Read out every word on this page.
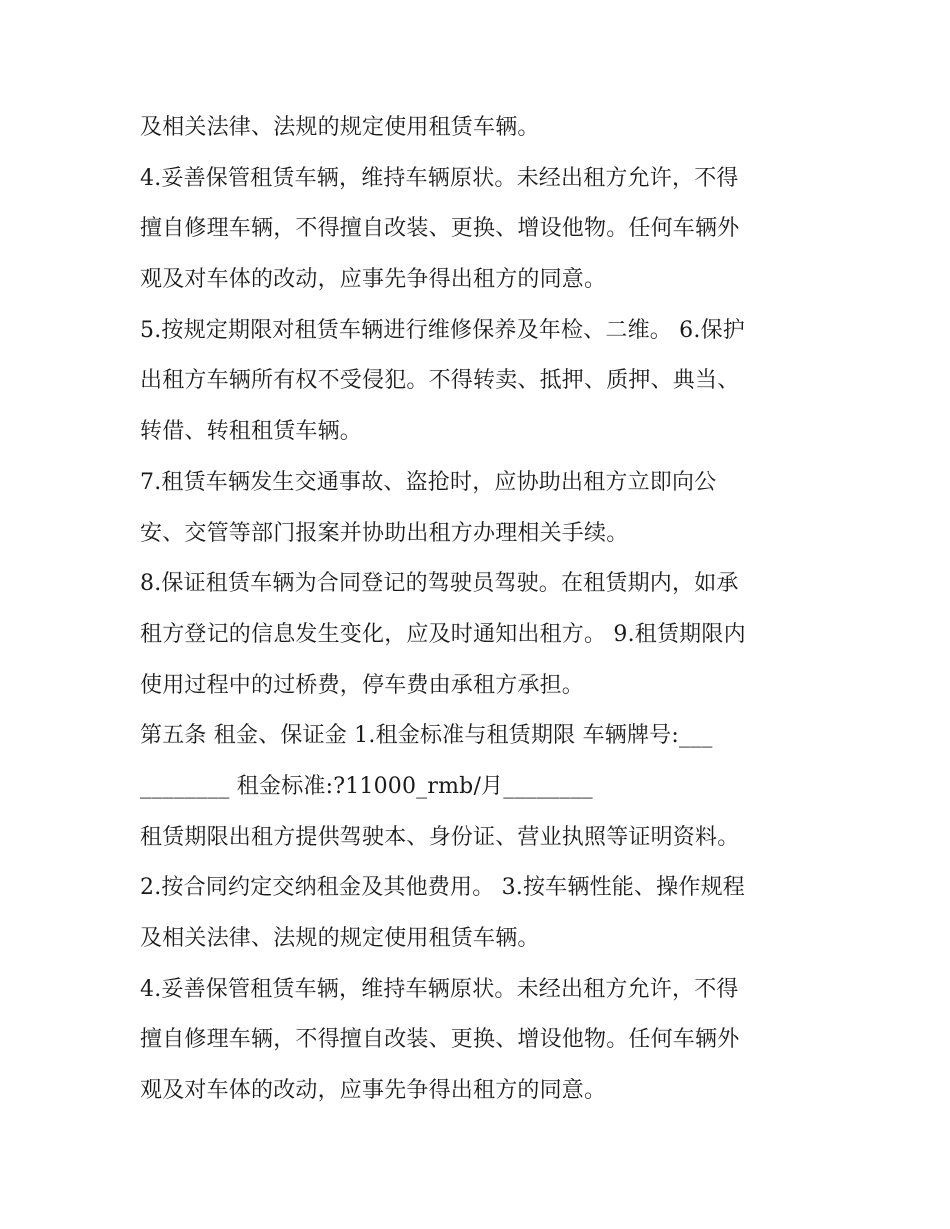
及相关法律、法规的规定使用租赁车辆。

4.妥善保管租赁车辆，维持车辆原状。未经出租方允许，不得

擅自修理车辆，不得擅自改装、更换、增设他物。任何车辆外

观及对车体的改动，应事先争得出租方的同意。

5.按规定期限对租赁车辆进行维修保养及年检、二维。 6.保护

出租方车辆所有权不受侵犯。不得转卖、抵押、质押、典当、

转借、转租租赁车辆。

7.租赁车辆发生交通事故、盗抢时，应协助出租方立即向公

安、交管等部门报案并协助出租方办理相关手续。

8.保证租赁车辆为合同登记的驾驶员驾驶。在租赁期内，如承

租方登记的信息发生变化，应及时通知出租方。 9.租赁期限内

使用过程中的过桥费，停车费由承租方承担。

第五条 租金、保证金 1.租金标准与租赁期限 车辆牌号:___

________ 租金标准:?11000_rmb/月________

租赁期限出租方提供驾驶本、身份证、营业执照等证明资料。

2.按合同约定交纳租金及其他费用。 3.按车辆性能、操作规程

及相关法律、法规的规定使用租赁车辆。

4.妥善保管租赁车辆，维持车辆原状。未经出租方允许，不得

擅自修理车辆，不得擅自改装、更换、增设他物。任何车辆外

观及对车体的改动，应事先争得出租方的同意。
